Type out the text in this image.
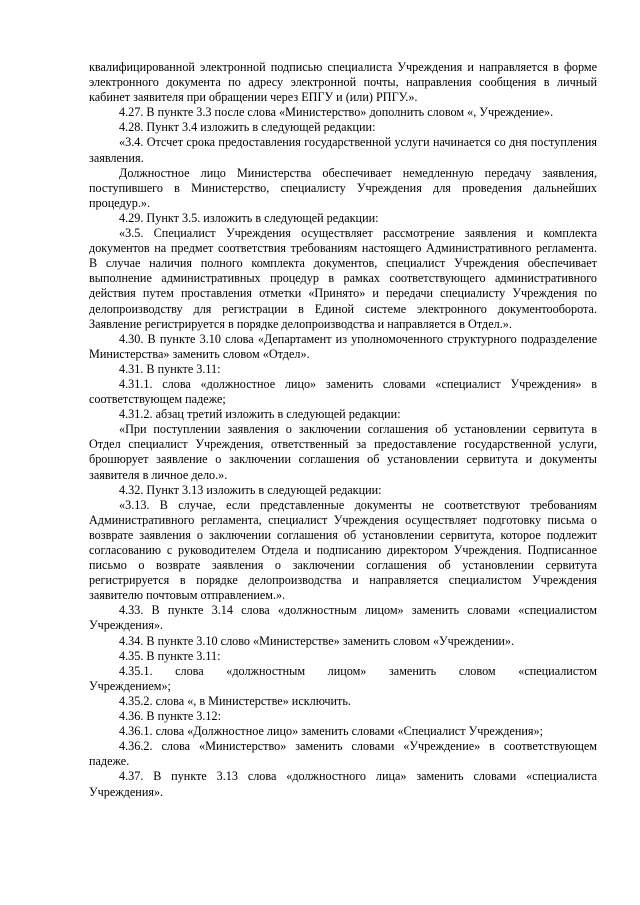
квалифицированной электронной подписью специалиста Учреждения и направляется в форме электронного документа по адресу электронной почты, направления сообщения в личный кабинет заявителя при обращении через ЕПГУ и (или) РПГУ.».

4.27. В пункте 3.3 после слова «Министерство» дополнить словом «, Учреждение».

4.28. Пункт 3.4 изложить в следующей редакции:

«3.4. Отсчет срока предоставления государственной услуги начинается со дня поступления заявления.

Должностное лицо Министерства обеспечивает немедленную передачу заявления, поступившего в Министерство, специалисту Учреждения для проведения дальнейших процедур.».

4.29. Пункт 3.5. изложить в следующей редакции:

«3.5. Специалист Учреждения осуществляет рассмотрение заявления и комплекта документов на предмет соответствия требованиям настоящего Административного регламента. В случае наличия полного комплекта документов, специалист Учреждения обеспечивает выполнение административных процедур в рамках соответствующего административного действия путем проставления отметки «Принято» и передачи специалисту Учреждения по делопроизводству для регистрации в Единой системе электронного документооборота. Заявление регистрируется в порядке делопроизводства и направляется в Отдел.».

4.30. В пункте 3.10 слова «Департамент из уполномоченного структурного подразделение Министерства» заменить словом «Отдел».

4.31. В пункте 3.11:

4.31.1. слова «должностное лицо» заменить словами «специалист Учреждения» в соответствующем падеже;

4.31.2. абзац третий изложить в следующей редакции:

«При поступлении заявления о заключении соглашения об установлении сервитута в Отдел специалист Учреждения, ответственный за предоставление государственной услуги, брошюрует заявление о заключении соглашения об установлении сервитута и документы заявителя в личное дело.».

4.32. Пункт 3.13 изложить в следующей редакции:

«3.13. В случае, если представленные документы не соответствуют требованиям Административного регламента, специалист Учреждения осуществляет подготовку письма о возврате заявления о заключении соглашения об установлении сервитута, которое подлежит согласованию с руководителем Отдела и подписанию директором Учреждения. Подписанное письмо о возврате заявления о заключении соглашения об установлении сервитута регистрируется в порядке делопроизводства и направляется специалистом Учреждения заявителю почтовым отправлением.».

4.33. В пункте 3.14 слова «должностным лицом» заменить словами «специалистом Учреждения».

4.34. В пункте 3.10 слово «Министерстве» заменить словом «Учреждении».

4.35. В пункте 3.11:

4.35.1. слова «должностным лицом» заменить словом «специалистом

Учреждением»;

4.35.2. слова «, в Министерстве» исключить.

4.36. В пункте 3.12:

4.36.1. слова «Должностное лицо» заменить словами «Специалист Учреждения»;

4.36.2. слова «Министерство» заменить словами «Учреждение» в соответствующем падеже.

4.37. В пункте 3.13 слова «должностного лица» заменить словами «специалиста Учреждения».
